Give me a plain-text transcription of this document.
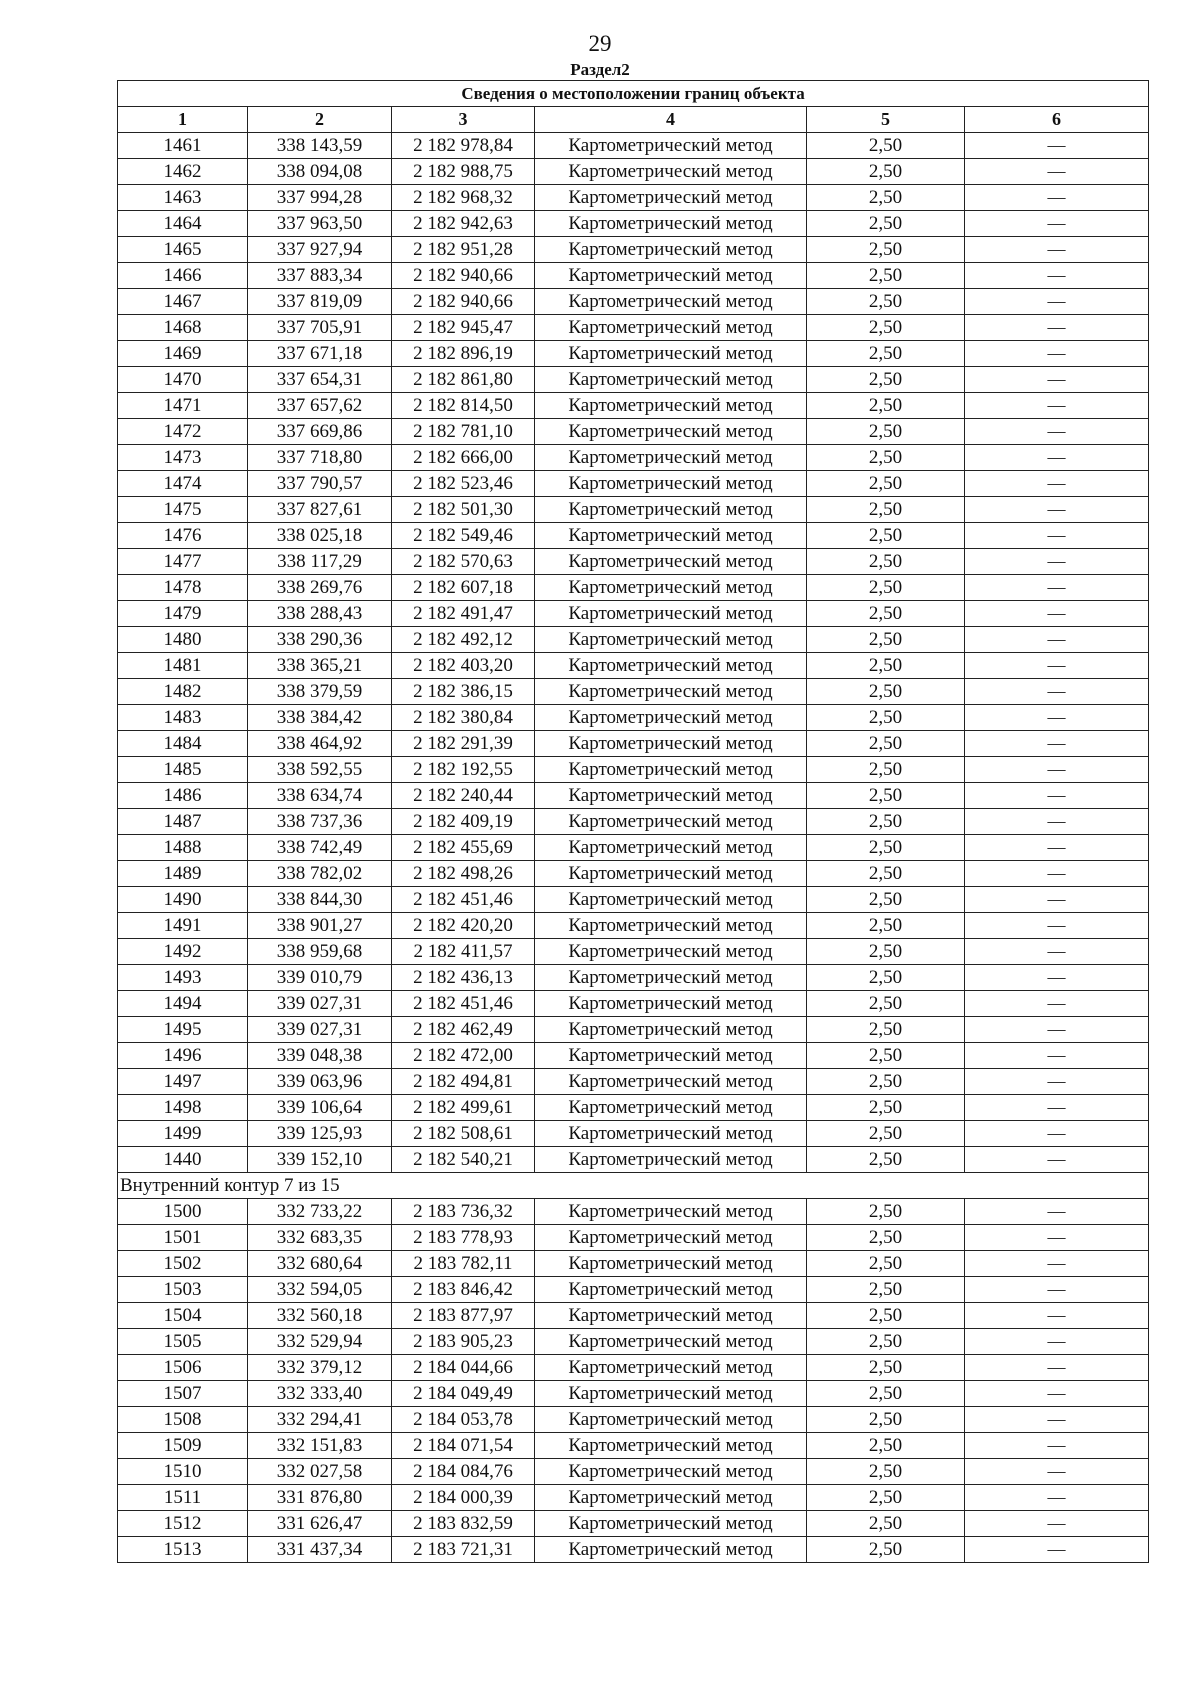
29
Раздел2
Сведения о местоположении границ объекта					
1	2	3	4	5	6
1461	338 143,59	2 182 978,84	Картометрический метод	2,50	—
1462	338 094,08	2 182 988,75	Картометрический метод	2,50	—
1463	337 994,28	2 182 968,32	Картометрический метод	2,50	—
1464	337 963,50	2 182 942,63	Картометрический метод	2,50	—
1465	337 927,94	2 182 951,28	Картометрический метод	2,50	—
1466	337 883,34	2 182 940,66	Картометрический метод	2,50	—
1467	337 819,09	2 182 940,66	Картометрический метод	2,50	—
1468	337 705,91	2 182 945,47	Картометрический метод	2,50	—
1469	337 671,18	2 182 896,19	Картометрический метод	2,50	—
1470	337 654,31	2 182 861,80	Картометрический метод	2,50	—
1471	337 657,62	2 182 814,50	Картометрический метод	2,50	—
1472	337 669,86	2 182 781,10	Картометрический метод	2,50	—
1473	337 718,80	2 182 666,00	Картометрический метод	2,50	—
1474	337 790,57	2 182 523,46	Картометрический метод	2,50	—
1475	337 827,61	2 182 501,30	Картометрический метод	2,50	—
1476	338 025,18	2 182 549,46	Картометрический метод	2,50	—
1477	338 117,29	2 182 570,63	Картометрический метод	2,50	—
1478	338 269,76	2 182 607,18	Картометрический метод	2,50	—
1479	338 288,43	2 182 491,47	Картометрический метод	2,50	—
1480	338 290,36	2 182 492,12	Картометрический метод	2,50	—
1481	338 365,21	2 182 403,20	Картометрический метод	2,50	—
1482	338 379,59	2 182 386,15	Картометрический метод	2,50	—
1483	338 384,42	2 182 380,84	Картометрический метод	2,50	—
1484	338 464,92	2 182 291,39	Картометрический метод	2,50	—
1485	338 592,55	2 182 192,55	Картометрический метод	2,50	—
1486	338 634,74	2 182 240,44	Картометрический метод	2,50	—
1487	338 737,36	2 182 409,19	Картометрический метод	2,50	—
1488	338 742,49	2 182 455,69	Картометрический метод	2,50	—
1489	338 782,02	2 182 498,26	Картометрический метод	2,50	—
1490	338 844,30	2 182 451,46	Картометрический метод	2,50	—
1491	338 901,27	2 182 420,20	Картометрический метод	2,50	—
1492	338 959,68	2 182 411,57	Картометрический метод	2,50	—
1493	339 010,79	2 182 436,13	Картометрический метод	2,50	—
1494	339 027,31	2 182 451,46	Картометрический метод	2,50	—
1495	339 027,31	2 182 462,49	Картометрический метод	2,50	—
1496	339 048,38	2 182 472,00	Картометрический метод	2,50	—
1497	339 063,96	2 182 494,81	Картометрический метод	2,50	—
1498	339 106,64	2 182 499,61	Картометрический метод	2,50	—
1499	339 125,93	2 182 508,61	Картометрический метод	2,50	—
1440	339 152,10	2 182 540,21	Картометрический метод	2,50	—
Внутренний контур 7 из 15					
1500	332 733,22	2 183 736,32	Картометрический метод	2,50	—
1501	332 683,35	2 183 778,93	Картометрический метод	2,50	—
1502	332 680,64	2 183 782,11	Картометрический метод	2,50	—
1503	332 594,05	2 183 846,42	Картометрический метод	2,50	—
1504	332 560,18	2 183 877,97	Картометрический метод	2,50	—
1505	332 529,94	2 183 905,23	Картометрический метод	2,50	—
1506	332 379,12	2 184 044,66	Картометрический метод	2,50	—
1507	332 333,40	2 184 049,49	Картометрический метод	2,50	—
1508	332 294,41	2 184 053,78	Картометрический метод	2,50	—
1509	332 151,83	2 184 071,54	Картометрический метод	2,50	—
1510	332 027,58	2 184 084,76	Картометрический метод	2,50	—
1511	331 876,80	2 184 000,39	Картометрический метод	2,50	—
1512	331 626,47	2 183 832,59	Картометрический метод	2,50	—
1513	331 437,34	2 183 721,31	Картометрический метод	2,50	—
